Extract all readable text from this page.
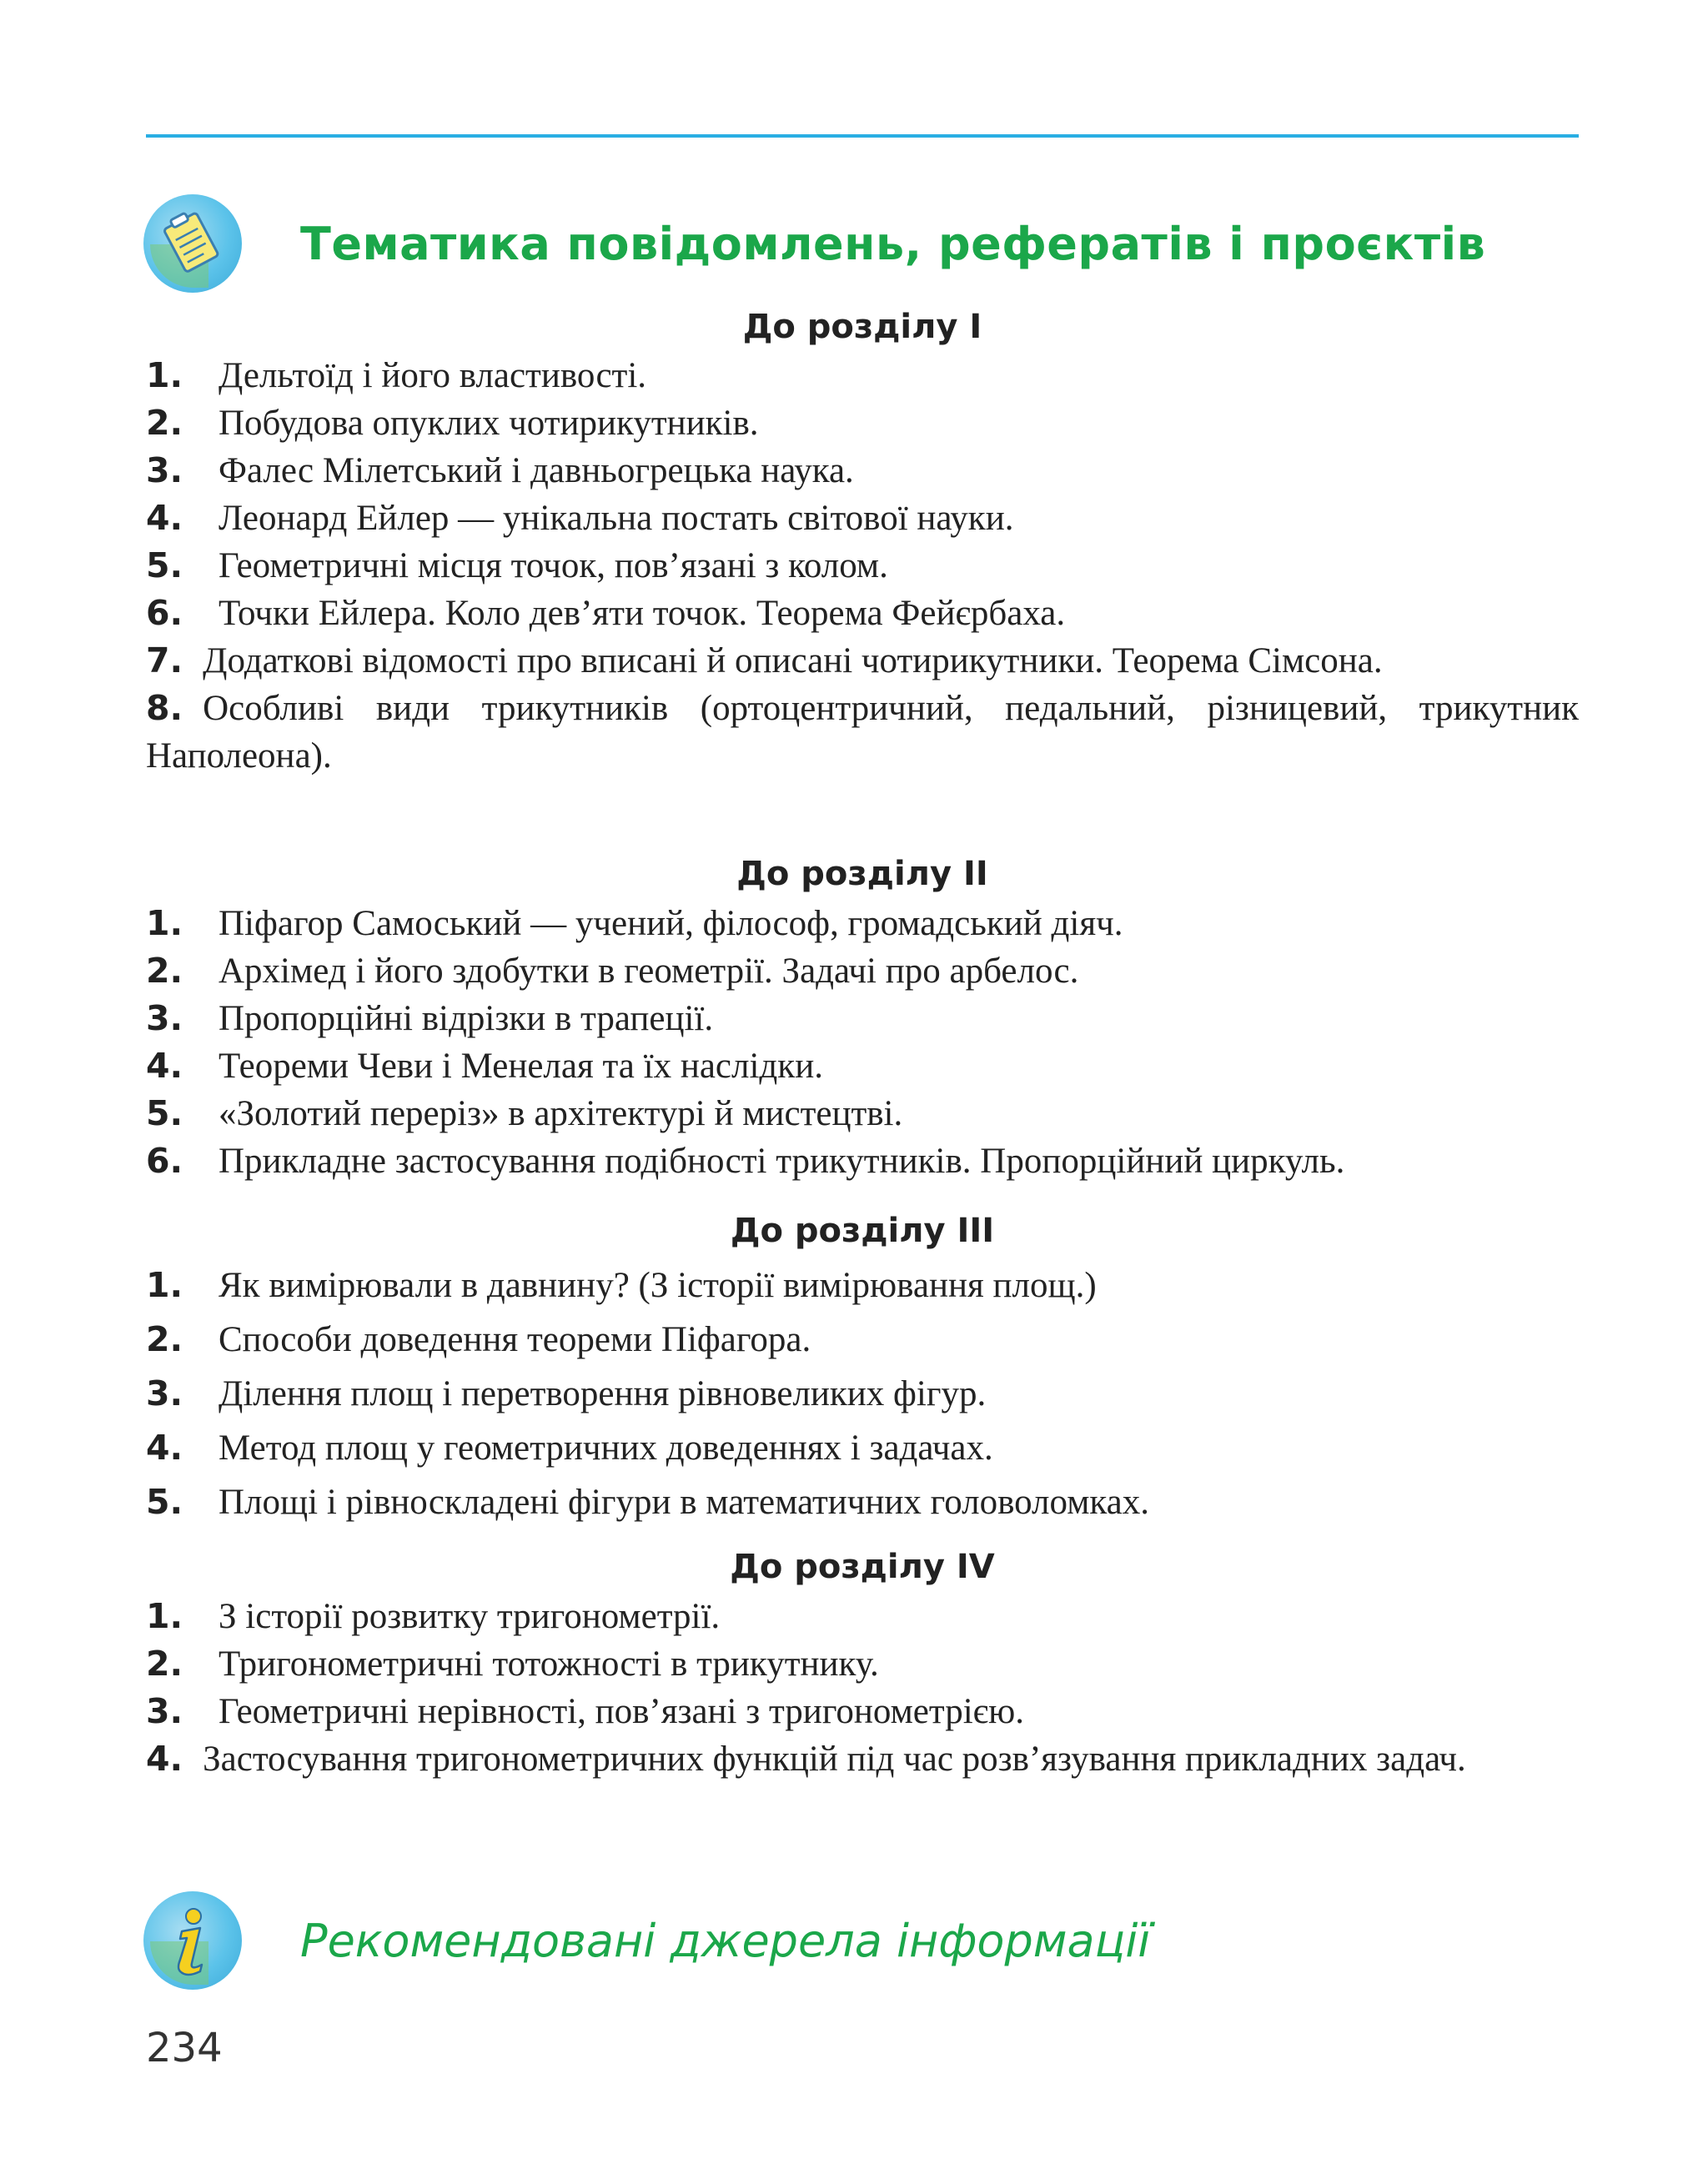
Тематика повідомлень, рефератів і проєктів
До розділу I
1. Дельтоїд і його властивості.
2. Побудова опуклих чотирикутників.
3. Фалес Мілетський і давньогрецька наука.
4. Леонард Ейлер — унікальна постать світової науки.
5. Геометричні місця точок, пов’язані з колом.
6. Точки Ейлера. Коло дев’яти точок. Теорема Фейєрбаха.
7. Додаткові відомості про вписані й описані чотирикутники. Теорема Сімсона.
8. Особливі види трикутників (ортоцентричний, педальний, різницевий, трикутник Наполеона).
До розділу II
1. Піфагор Самоський — учений, філософ, громадський діяч.
2. Архімед і його здобутки в геометрії. Задачі про арбелос.
3. Пропорційні відрізки в трапеції.
4. Теореми Чеви і Менелая та їх наслідки.
5. «Золотий переріз» в архітектурі й мистецтві.
6. Прикладне застосування подібності трикутників. Пропорційний циркуль.
До розділу III
1. Як вимірювали в давнину? (З історії вимірювання площ.)
2. Способи доведення теореми Піфагора.
3. Ділення площ і перетворення рівновеликих фігур.
4. Метод площ у геометричних доведеннях і задачах.
5. Площі і рівноскладені фігури в математичних головоломках.
До розділу IV
1. З історії розвитку тригонометрії.
2. Тригонометричні тотожності в трикутнику.
3. Геометричні нерівності, пов’язані з тригонометрією.
4. Застосування тригонометричних функцій під час розв’язування прикладних задач.
Рекомендовані джерела інформації
234
